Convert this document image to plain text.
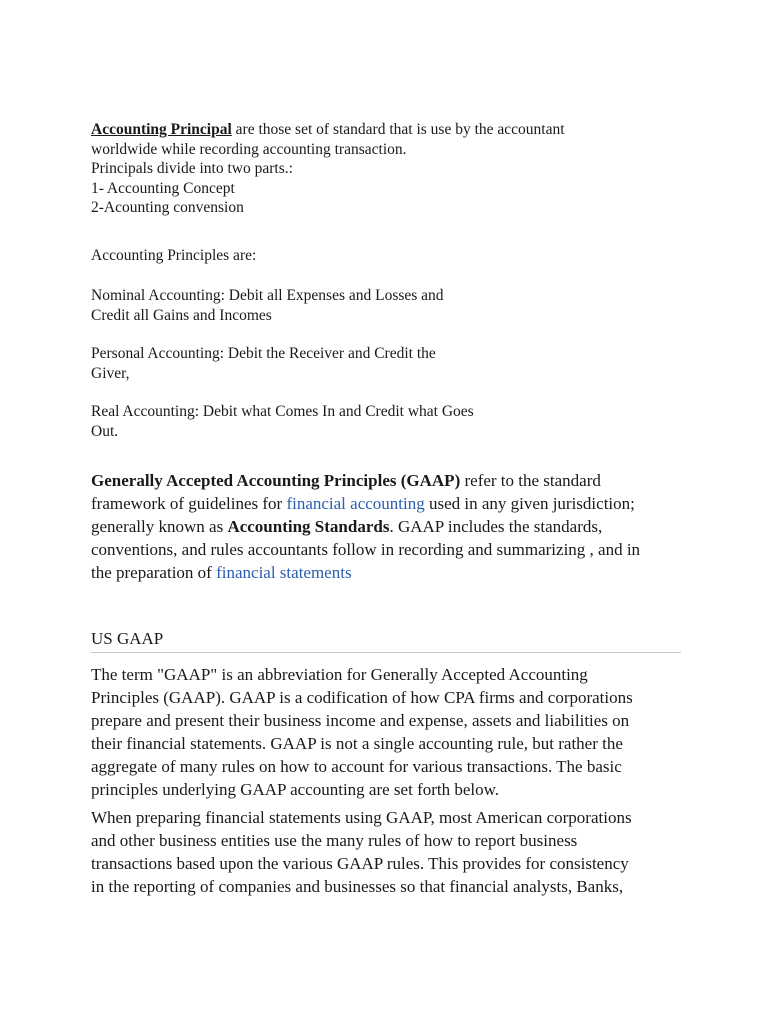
Accounting Principal are those set of standard that is use by the accountant
worldwide while recording accounting transaction.
Principals divide into two parts.:
1- Accounting Concept
2-Acounting convension

Accounting Principles are:

Nominal Accounting: Debit all Expenses and Losses and
Credit all Gains and Incomes

Personal Accounting: Debit the Receiver and Credit the
Giver,

Real Accounting: Debit what Comes In and Credit what Goes
Out.

Generally Accepted Accounting Principles (GAAP) refer to the standard
framework of guidelines for financial accounting used in any given jurisdiction;
generally known as Accounting Standards. GAAP includes the standards,
conventions, and rules accountants follow in recording and summarizing , and in
the preparation of financial statements

US GAAP

The term "GAAP" is an abbreviation for Generally Accepted Accounting
Principles (GAAP). GAAP is a codification of how CPA firms and corporations
prepare and present their business income and expense, assets and liabilities on
their financial statements. GAAP is not a single accounting rule, but rather the
aggregate of many rules on how to account for various transactions. The basic
principles underlying GAAP accounting are set forth below.

When preparing financial statements using GAAP, most American corporations
and other business entities use the many rules of how to report business
transactions based upon the various GAAP rules. This provides for consistency
in the reporting of companies and businesses so that financial analysts, Banks,
